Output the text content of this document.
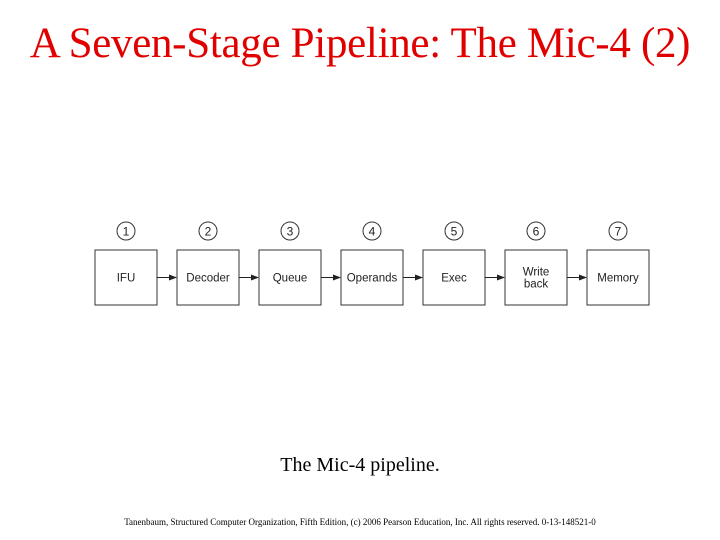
A Seven-Stage Pipeline: The Mic-4 (2)
1
IFU
2
Decoder
3
Queue
4
Operands
5
Exec
6
Write
back
7
Memory
The Mic-4 pipeline.
Tanenbaum, Structured Computer Organization, Fifth Edition, (c) 2006 Pearson Education, Inc. All rights reserved. 0-13-148521-0
